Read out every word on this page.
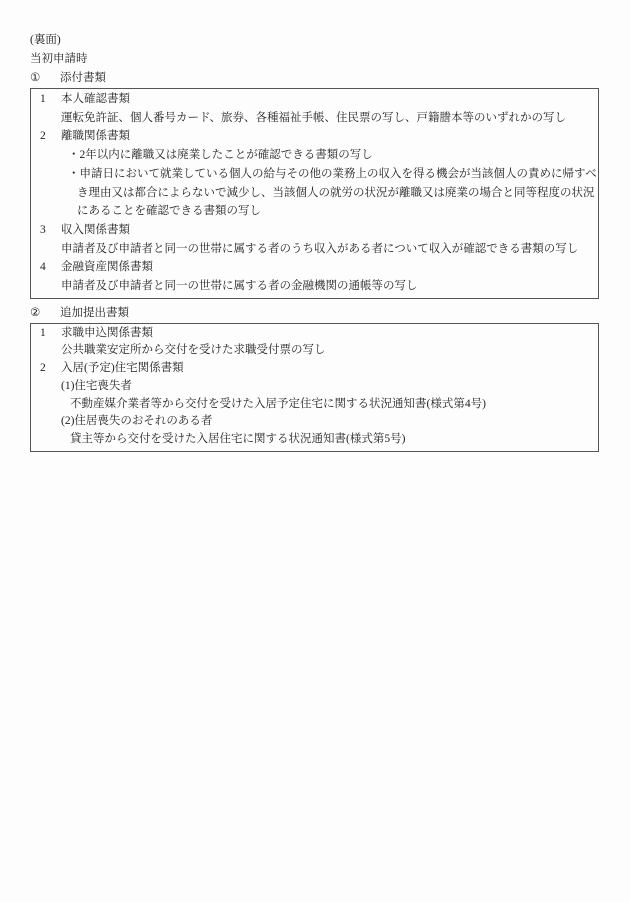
(裏面)
当初申請時
① 添付書類
1 本人確認書類
運転免許証、個人番号カード、旅券、各種福祉手帳、住民票の写し、戸籍謄本等のいずれかの写し
2 離職関係書類
・2年以内に離職又は廃業したことが確認できる書類の写し
・申請日において就業している個人の給与その他の業務上の収入を得る機会が当該個人の責めに帰すべ
き理由又は都合によらないで減少し、当該個人の就労の状況が離職又は廃業の場合と同等程度の状況
にあることを確認できる書類の写し
3 収入関係書類
申請者及び申請者と同一の世帯に属する者のうち収入がある者について収入が確認できる書類の写し
4 金融資産関係書類
申請者及び申請者と同一の世帯に属する者の金融機関の通帳等の写し
② 追加提出書類
1 求職申込関係書類
公共職業安定所から交付を受けた求職受付票の写し
2 入居(予定)住宅関係書類
(1)住宅喪失者
不動産媒介業者等から交付を受けた入居予定住宅に関する状況通知書(様式第4号)
(2)住居喪失のおそれのある者
貸主等から交付を受けた入居住宅に関する状況通知書(様式第5号)
